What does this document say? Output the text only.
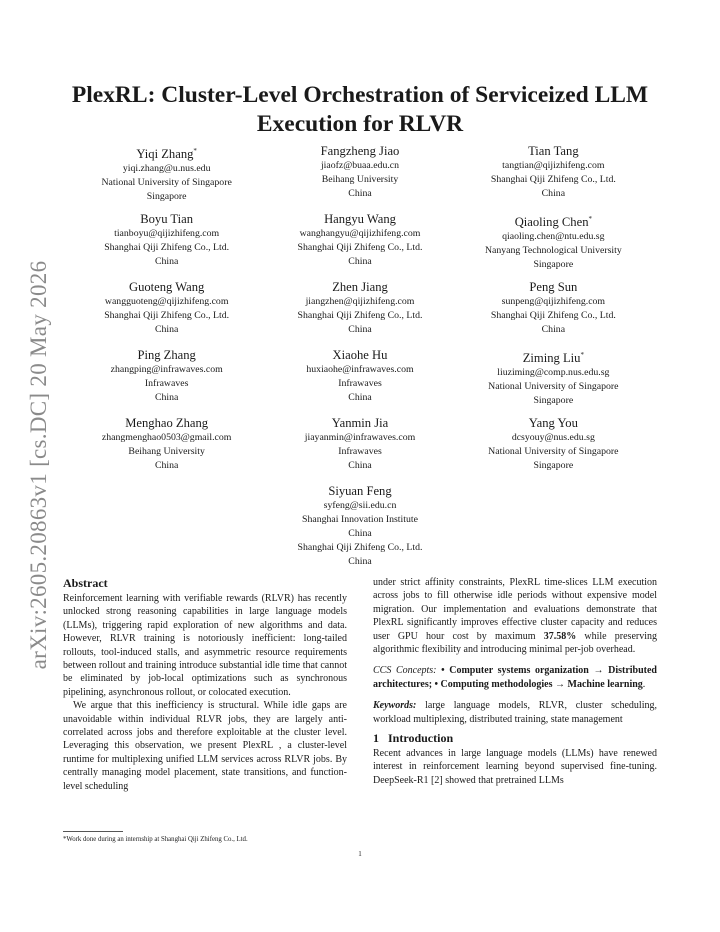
arXiv:2605.20863v1 [cs.DC] 20 May 2026
PlexRL: Cluster-Level Orchestration of Serviceized LLM Execution for RLVR
Yiqi Zhang*
yiqi.zhang@u.nus.edu
National University of Singapore
Singapore
Fangzheng Jiao
jiaofz@buaa.edu.cn
Beihang University
China
Tian Tang
tangtian@qijizhifeng.com
Shanghai Qiji Zhifeng Co., Ltd.
China
Boyu Tian
tianboyu@qijizhifeng.com
Shanghai Qiji Zhifeng Co., Ltd.
China
Hangyu Wang
wanghangyu@qijizhifeng.com
Shanghai Qiji Zhifeng Co., Ltd.
China
Qiaoling Chen*
qiaoling.chen@ntu.edu.sg
Nanyang Technological University
Singapore
Guoteng Wang
wangguoteng@qijizhifeng.com
Shanghai Qiji Zhifeng Co., Ltd.
China
Zhen Jiang
jiangzhen@qijizhifeng.com
Shanghai Qiji Zhifeng Co., Ltd.
China
Peng Sun
sunpeng@qijizhifeng.com
Shanghai Qiji Zhifeng Co., Ltd.
China
Ping Zhang
zhangping@infrawaves.com
Infrawaves
China
Xiaohe Hu
huxiaohe@infrawaves.com
Infrawaves
China
Ziming Liu*
liuziming@comp.nus.edu.sg
National University of Singapore
Singapore
Menghao Zhang
zhangmenghao0503@gmail.com
Beihang University
China
Yanmin Jia
jiayanmin@infrawaves.com
Infrawaves
China
Yang You
dcsyouy@nus.edu.sg
National University of Singapore
Singapore
Siyuan Feng
syfeng@sii.edu.cn
Shanghai Innovation Institute
China
Shanghai Qiji Zhifeng Co., Ltd.
China
Abstract

Reinforcement learning with verifiable rewards (RLVR) has recently unlocked strong reasoning capabilities in large language models (LLMs), triggering rapid exploration of new algorithms and data. However, RLVR training is notoriously inefficient: long-tailed rollouts, tool-induced stalls, and asymmetric resource requirements between rollout and training introduce substantial idle time that cannot be eliminated by job-local optimizations such as synchronous pipelining, asynchronous rollout, or colocated execution.

We argue that this inefficiency is structural. While idle gaps are unavoidable within individual RLVR jobs, they are largely anti-correlated across jobs and therefore exploitable at the cluster level. Leveraging this observation, we present PlexRL , a cluster-level runtime for multiplexing unified LLM services across RLVR jobs. By centrally managing model placement, state transitions, and function-level scheduling

under strict affinity constraints, PlexRL time-slices LLM execution across jobs to fill otherwise idle periods without expensive model migration. Our implementation and evaluations demonstrate that PlexRL significantly improves effective cluster capacity and reduces user GPU hour cost by maximum 37.58% while preserving algorithmic flexibility and introducing minimal per-job overhead.

CCS Concepts: • Computer systems organization → Distributed architectures; • Computing methodologies → Machine learning.

Keywords: large language models, RLVR, cluster scheduling, workload multiplexing, distributed training, state management

1 Introduction

Recent advances in large language models (LLMs) have renewed interest in reinforcement learning beyond supervised fine-tuning. DeepSeek-R1 [2] showed that pretrained LLMs

*Work done during an internship at Shanghai Qiji Zhifeng Co., Ltd.
1
